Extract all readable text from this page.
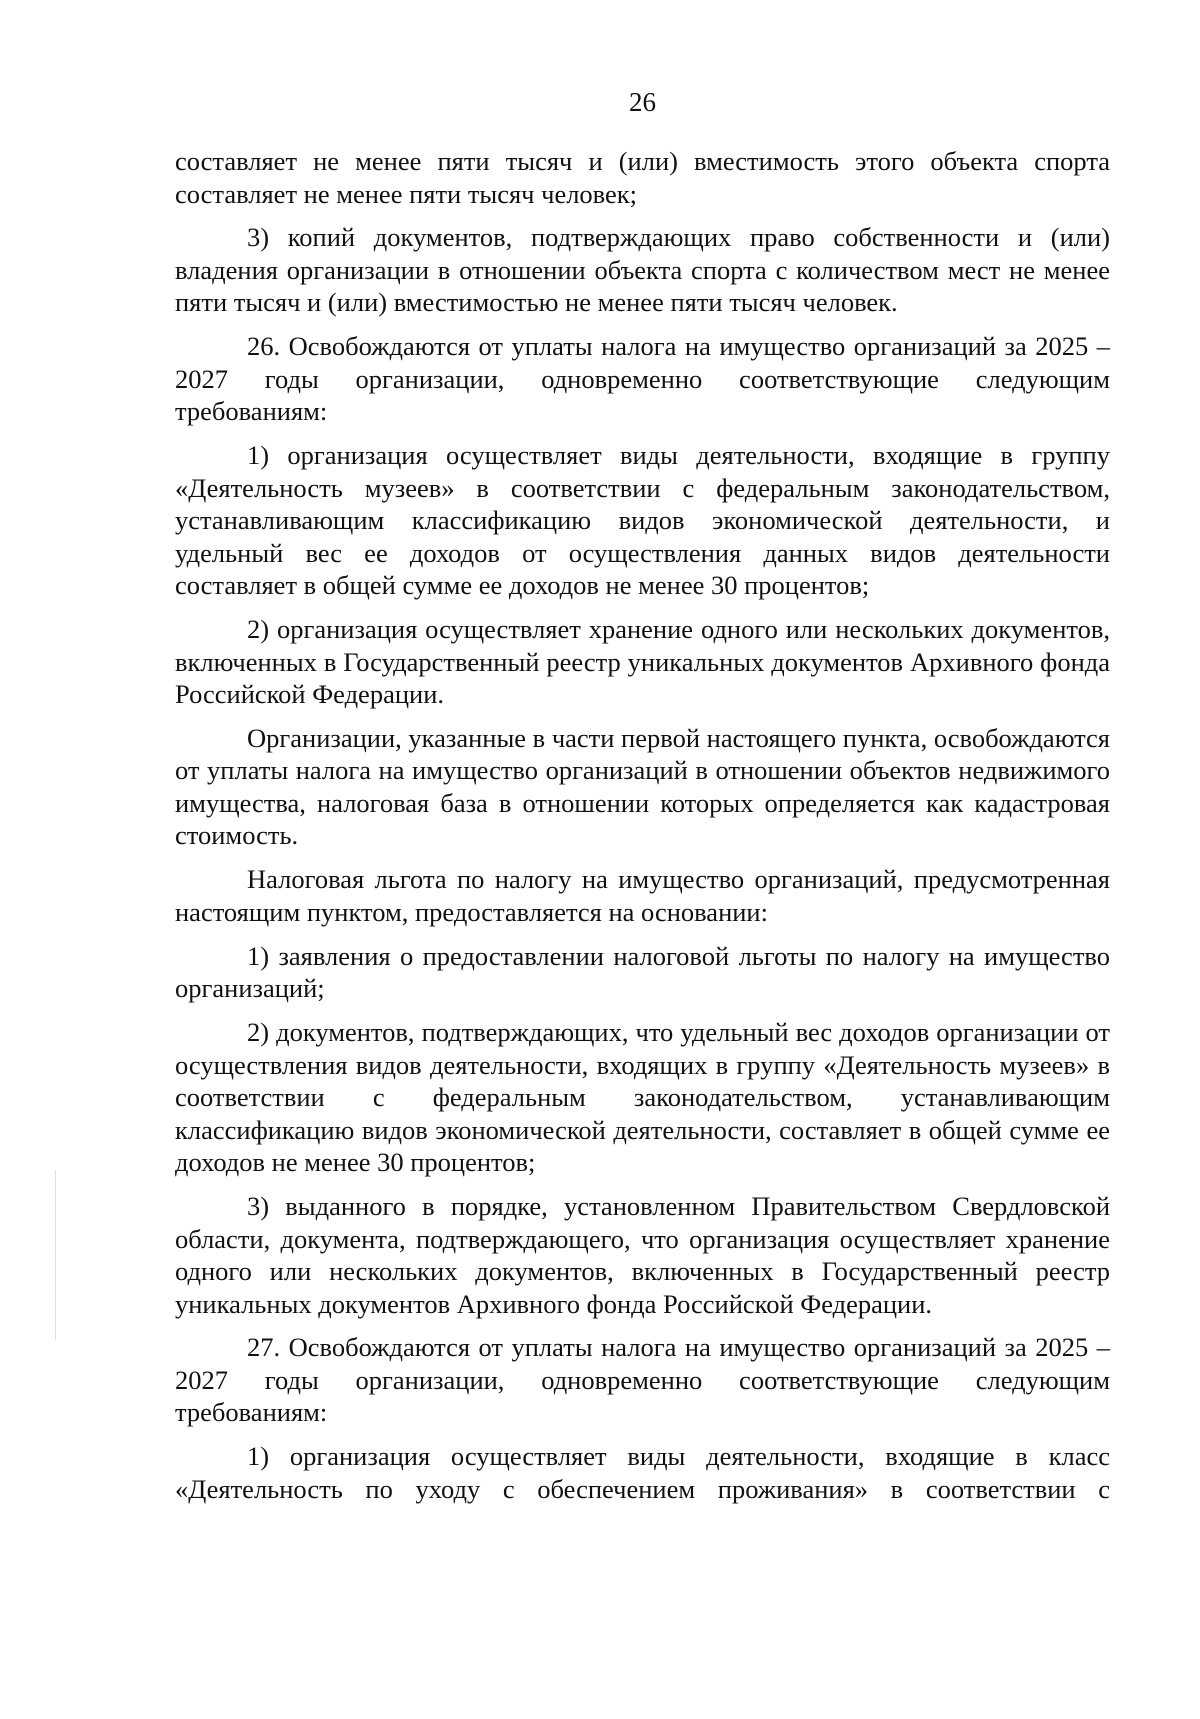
26

составляет не менее пяти тысяч и (или) вместимость этого объекта спорта составляет не менее пяти тысяч человек;

3) копий документов, подтверждающих право собственности и (или) владения организации в отношении объекта спорта с количеством мест не менее пяти тысяч и (или) вместимостью не менее пяти тысяч человек.

26. Освобождаются от уплаты налога на имущество организаций за 2025 – 2027 годы организации, одновременно соответствующие следующим требованиям:

1) организация осуществляет виды деятельности, входящие в группу «Деятельность музеев» в соответствии с федеральным законодательством, устанавливающим классификацию видов экономической деятельности, и удельный вес ее доходов от осуществления данных видов деятельности составляет в общей сумме ее доходов не менее 30 процентов;

2) организация осуществляет хранение одного или нескольких документов, включенных в Государственный реестр уникальных документов Архивного фонда Российской Федерации.

Организации, указанные в части первой настоящего пункта, освобождаются от уплаты налога на имущество организаций в отношении объектов недвижимого имущества, налоговая база в отношении которых определяется как кадастровая стоимость.

Налоговая льгота по налогу на имущество организаций, предусмотренная настоящим пунктом, предоставляется на основании:

1) заявления о предоставлении налоговой льготы по налогу на имущество организаций;

2) документов, подтверждающих, что удельный вес доходов организации от осуществления видов деятельности, входящих в группу «Деятельность музеев» в соответствии с федеральным законодательством, устанавливающим классификацию видов экономической деятельности, составляет в общей сумме ее доходов не менее 30 процентов;

3) выданного в порядке, установленном Правительством Свердловской области, документа, подтверждающего, что организация осуществляет хранение одного или нескольких документов, включенных в Государственный реестр уникальных документов Архивного фонда Российской Федерации.

27. Освобождаются от уплаты налога на имущество организаций за 2025 – 2027 годы организации, одновременно соответствующие следующим требованиям:

1) организация осуществляет виды деятельности, входящие в класс «Деятельность по уходу с обеспечением проживания» в соответствии с
